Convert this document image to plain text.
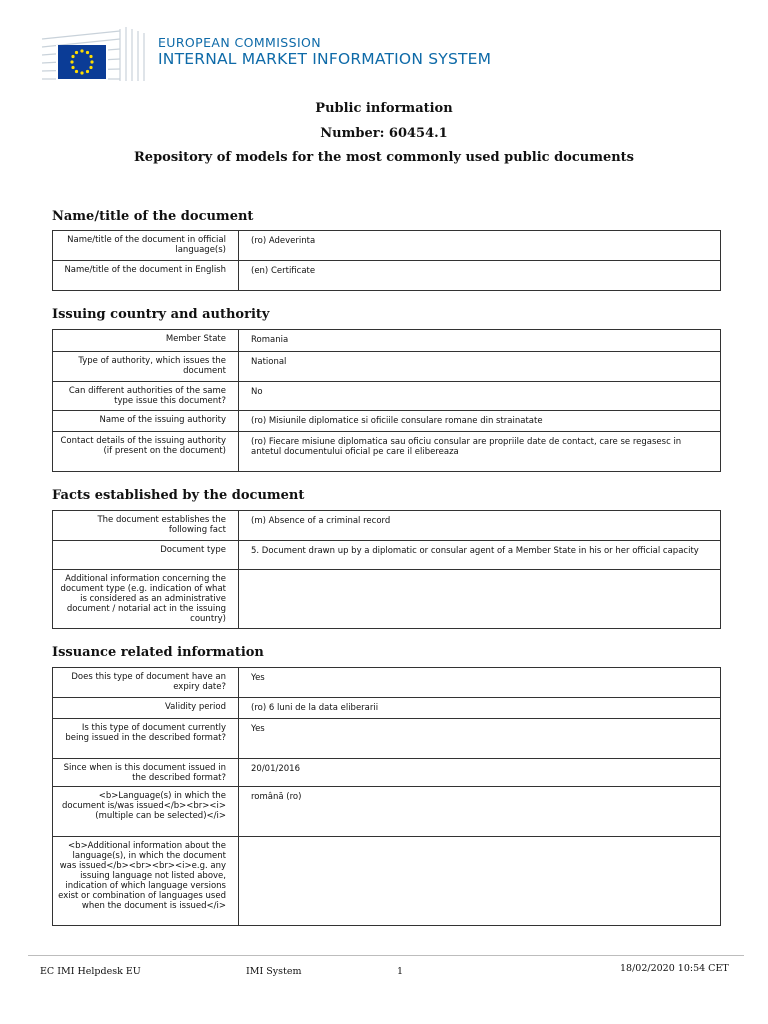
EUROPEAN COMMISSION
INTERNAL MARKET INFORMATION SYSTEM
Public information
Number: 60454.1
Repository of models for the most commonly used public documents
Name/title of the document
Name/title of the document in official language(s)	(ro) Adeverinta
Name/title of the document in English	(en) Certificate
Issuing country and authority
Member State	Romania
Type of authority, which issues the document	National
Can different authorities of the same type issue this document?	No
Name of the issuing authority	(ro) Misiunile diplomatice si oficiile consulare romane din strainatate
Contact details of the issuing authority (if present on the document)	(ro) Fiecare misiune diplomatica sau oficiu consular are propriile date de contact, care se regasesc in antetul documentului oficial pe care il elibereaza
Facts established by the document
The document establishes the following fact	(m) Absence of a criminal record
Document type	5. Document drawn up by a diplomatic or consular agent of a Member State in his or her official capacity
Additional information concerning the document type (e.g. indication of what is considered as an administrative document / notarial act in the issuing country)	
Issuance related information
Does this type of document have an expiry date?	Yes
Validity period	(ro) 6 luni de la data eliberarii
Is this type of document currently being issued in the described format?	Yes
Since when is this document issued in the described format?	20/01/2016
<b>Language(s) in which the document is/was issued</b><br><i>(multiple can be selected)</i>	română (ro)
<b>Additional information about the language(s), in which the document was issued</b><br><br><i>e.g. any issuing language not listed above, indication of which language versions exist or combination of languages used when the document is issued</i>	
EC IMI Helpdesk EU	IMI System	1	18/02/2020 10:54 CET
